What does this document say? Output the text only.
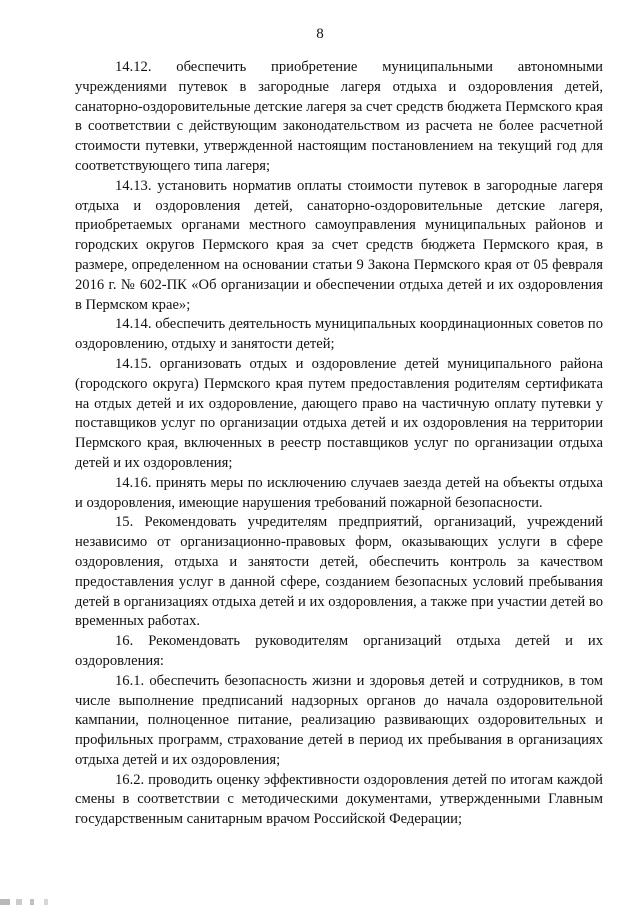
8

14.12. обеспечить приобретение муниципальными автономными учреждениями путевок в загородные лагеря отдыха и оздоровления детей, санаторно-оздоровительные детские лагеря за счет средств бюджета Пермского края в соответствии с действующим законодательством из расчета не более расчетной стоимости путевки, утвержденной настоящим постановлением на текущий год для соответствующего типа лагеря;

14.13. установить норматив оплаты стоимости путевок в загородные лагеря отдыха и оздоровления детей, санаторно-оздоровительные детские лагеря, приобретаемых органами местного самоуправления муниципальных районов и городских округов Пермского края за счет средств бюджета Пермского края, в размере, определенном на основании статьи 9 Закона Пермского края от 05 февраля 2016 г. № 602-ПК «Об организации и обеспечении отдыха детей и их оздоровления в Пермском крае»;

14.14. обеспечить деятельность муниципальных координационных советов по оздоровлению, отдыху и занятости детей;

14.15. организовать отдых и оздоровление детей муниципального района (городского округа) Пермского края путем предоставления родителям сертификата на отдых детей и их оздоровление, дающего право на частичную оплату путевки у поставщиков услуг по организации отдыха детей и их оздоровления на территории Пермского края, включенных в реестр поставщиков услуг по организации отдыха детей и их оздоровления;

14.16. принять меры по исключению случаев заезда детей на объекты отдыха и оздоровления, имеющие нарушения требований пожарной безопасности.

15. Рекомендовать учредителям предприятий, организаций, учреждений независимо от организационно-правовых форм, оказывающих услуги в сфере оздоровления, отдыха и занятости детей, обеспечить контроль за качеством предоставления услуг в данной сфере, созданием безопасных условий пребывания детей в организациях отдыха детей и их оздоровления, а также при участии детей во временных работах.

16. Рекомендовать руководителям организаций отдыха детей и их оздоровления:

16.1. обеспечить безопасность жизни и здоровья детей и сотрудников, в том числе выполнение предписаний надзорных органов до начала оздоровительной кампании, полноценное питание, реализацию развивающих оздоровительных и профильных программ, страхование детей в период их пребывания в организациях отдыха детей и их оздоровления;

16.2. проводить оценку эффективности оздоровления детей по итогам каждой смены в соответствии с методическими документами, утвержденными Главным государственным санитарным врачом Российской Федерации;
